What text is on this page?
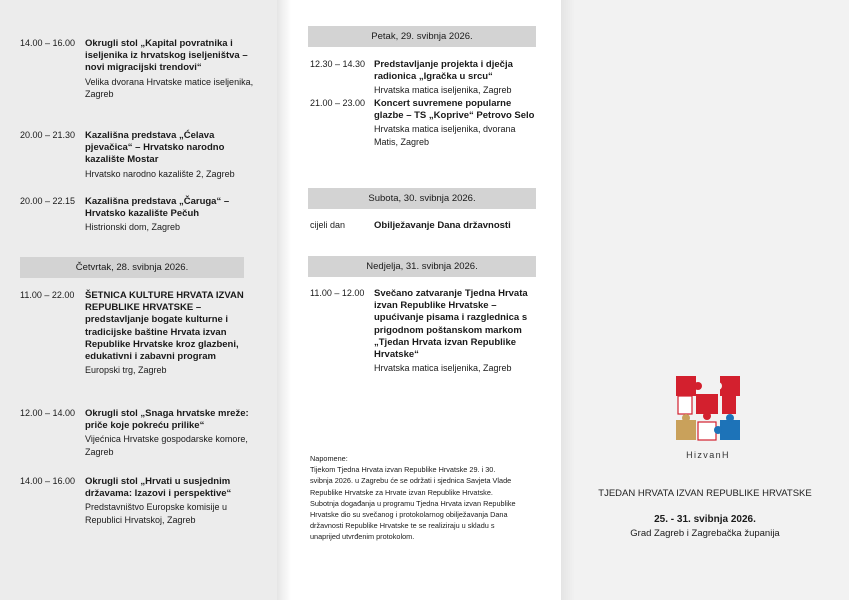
14.00 – 16.00 Okrugli stol „Kapital povratnika i iseljenika iz hrvatskog iseljeništva – novi migracijski trendovi“
Velika dvorana Hrvatske matice iseljenika, Zagreb
20.00 – 21.30 Kazališna predstava „Ćelava pjevačica“ – Hrvatsko narodno kazalište Mostar
Hrvatsko narodno kazalište 2, Zagreb
20.00 – 22.15 Kazališna predstava „Čaruga“ – Hrvatsko kazalište Pečuh
Histrionski dom, Zagreb
Četvrtak, 28. svibnja 2026.
11.00 – 22.00 ŠETNICA KULTURE HRVATA IZVAN REPUBLIKE HRVATSKE – predstavljanje bogate kulturne i tradicijske baštine Hrvata izvan Republike Hrvatske kroz glazbeni, edukativni i zabavni program
Europski trg, Zagreb
12.00 – 14.00 Okrugli stol „Snaga hrvatske mreže: priče koje pokreću prilike“
Vijećnica Hrvatske gospodarske komore, Zagreb
14.00 – 16.00 Okrugli stol „Hrvati u susjednim državama: Izazovi i perspektive“
Predstavništvo Europske komisije u Republici Hrvatskoj, Zagreb
Petak, 29. svibnja 2026.
12.30 – 14.30 Predstavljanje projekta i dječja radionica „Igračka u srcu“
Hrvatska matica iseljenika, Zagreb
21.00 – 23.00 Koncert suvremene popularne glazbe – TS „Koprive“ Petrovo Selo
Hrvatska matica iseljenika, dvorana Matis, Zagreb
Subota, 30. svibnja 2026.
cijeli dan	Obilježavanje Dana državnosti
Nedjelja, 31. svibnja 2026.
11.00 – 12.00 Svečano zatvaranje Tjedna Hrvata izvan Republike Hrvatske – upućivanje pisama i razglednica s prigodnom poštanskom markom „Tjedan Hrvata izvan Republike Hrvatske“
Hrvatska matica iseljenika, Zagreb
Napomene:
Tijekom Tjedna Hrvata izvan Republike Hrvatske 29. i 30.
svibnja 2026. u Zagrebu će se održati i sjednica Savjeta Vlade
Republike Hrvatske za Hrvate izvan Republike Hrvatske.
Subotnja događanja u programu Tjedna Hrvata izvan Republike
Hrvatske dio su svečanog i protokolarnog obilježavanja Dana
državnosti Republike Hrvatske te se realiziraju u skladu s
unaprijed utvrđenim protokolom.
HizvanH
TJEDAN HRVATA IZVAN REPUBLIKE HRVATSKE
25. - 31. svibnja 2026.
Grad Zagreb i Zagrebačka županija
